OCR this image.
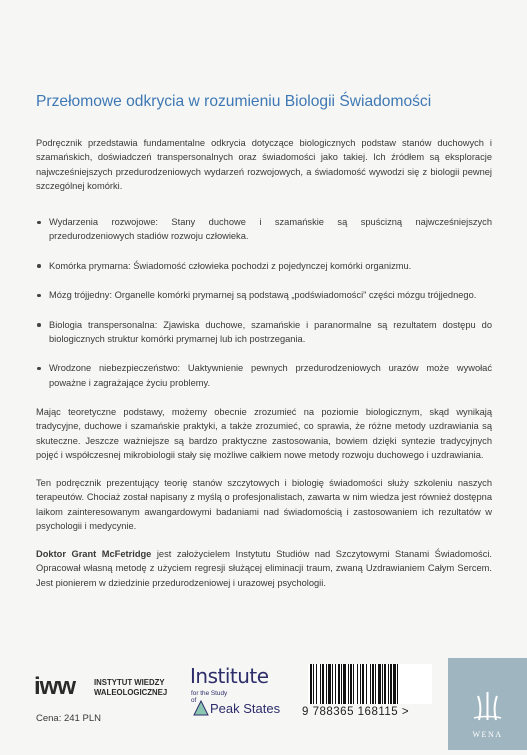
Przełomowe odkrycia w rozumieniu Biologii Świadomości

Podręcznik przedstawia fundamentalne odkrycia dotyczące biologicznych podstaw stanów duchowych i szamańskich, doświadczeń transpersonalnych oraz świadomości jako takiej. Ich źródłem są eksploracje najwcześniejszych przedurodzeniowych wydarzeń rozwojowych, a świadomość wywodzi się z biologii pewnej szczególnej komórki.

Wydarzenia rozwojowe: Stany duchowe i szamańskie są spuścizną najwcześniejszych przedurodzeniowych stadiów rozwoju człowieka.
Komórka prymarna: Świadomość człowieka pochodzi z pojedynczej komórki organizmu.
Mózg trójjedny: Organelle komórki prymarnej są podstawą „podświadomości” części mózgu trójjednego.
Biologia transpersonalna: Zjawiska duchowe, szamańskie i paranormalne są rezultatem dostępu do biologicznych struktur komórki prymarnej lub ich postrzegania.
Wrodzone niebezpieczeństwo: Uaktywnienie pewnych przedurodzeniowych urazów może wywołać poważne i zagrażające życiu problemy.

Mając teoretyczne podstawy, możemy obecnie zrozumieć na poziomie biologicznym, skąd wynikają tradycyjne, duchowe i szamańskie praktyki, a także zrozumieć, co sprawia, że różne metody uzdrawiania są skuteczne. Jeszcze ważniejsze są bardzo praktyczne zastosowania, bowiem dzięki syntezie tradycyjnych pojęć i współczesnej mikrobiologii stały się możliwe całkiem nowe metody rozwoju duchowego i uzdrawiania.

Ten podręcznik prezentujący teorię stanów szczytowych i biologię świadomości służy szkoleniu naszych terapeutów. Chociaż został napisany z myślą o profesjonalistach, zawarta w nim wiedza jest również dostępna laikom zainteresowanym awangardowymi badaniami nad świadomością i zastosowaniem ich rezultatów w psychologii i medycynie.

Doktor Grant McFetridge jest założycielem Instytutu Studiów nad Szczytowymi Stanami Świadomości. Opracował własną metodę z użyciem regresji służącej eliminacji traum, zwaną Uzdrawianiem Całym Sercem. Jest pionierem w dziedzinie przedurodzeniowej i urazowej psychologii.

iww INSTYTUT WIEDZY
WALEOLOGICZNEJ
Institute
for the Study of
Peak States 9 788365 168115 >
Cena: 241 PLN
WENA
